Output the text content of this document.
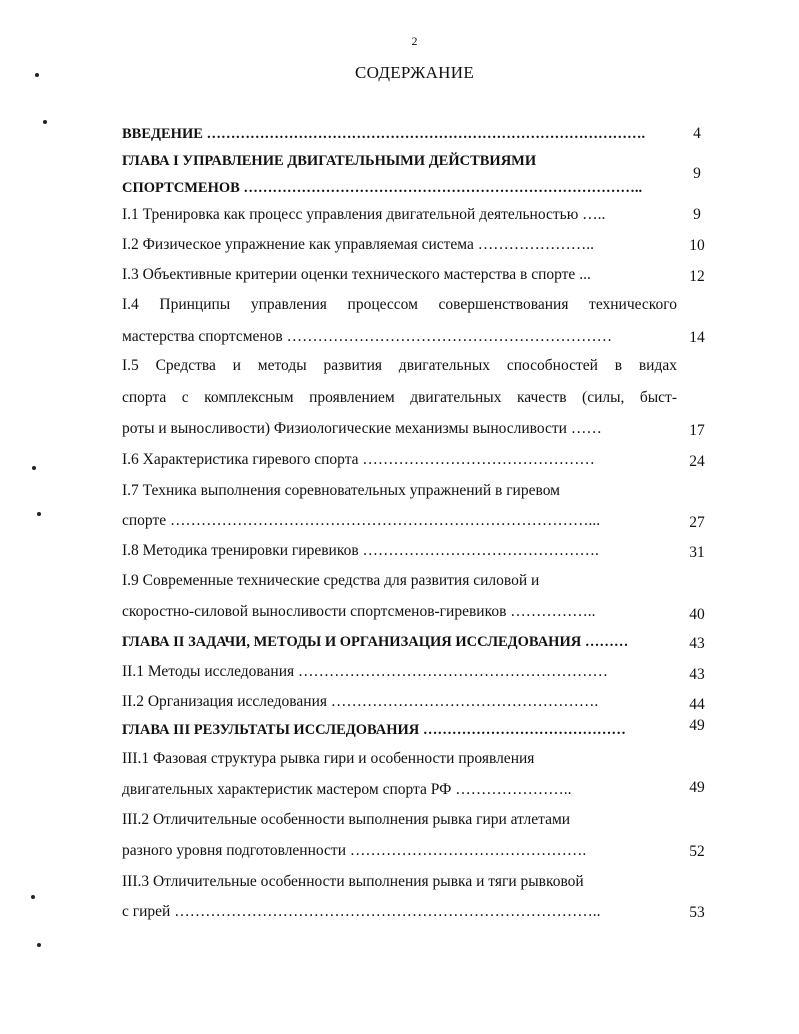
2
СОДЕРЖАНИЕ
ВВЕДЕНИЕ ……………………………………………………………………………….
ГЛАВА I УПРАВЛЕНИЕ ДВИГАТЕЛЬНЫМИ ДЕЙСТВИЯМИ
СПОРТСМЕНОВ ………………………………………………………………………..
I.1 Тренировка как процесс управления двигательной деятельностью …..
I.2 Физическое упражнение как управляемая система …………………..
I.3 Объективные критерии оценки технического мастерства в спорте ...
I.4 Принципы управления процессом совершенствования технического
мастерства спортсменов ………………………………………………………
I.5 Средства и методы развития двигательных способностей в видах
спорта с комплексным проявлением двигательных качеств (силы, быст-
роты и выносливости) Физиологические механизмы выносливости ……
I.6 Характеристика гиревого спорта ………………………………………
I.7 Техника выполнения соревновательных упражнений в гиревом
спорте ………………………………………………………………………...
I.8 Методика тренировки гиревиков ……………………………………….
I.9 Современные технические средства для развития силовой и
скоростно-силовой выносливости спортсменов-гиревиков ……………..
ГЛАВА II ЗАДАЧИ, МЕТОДЫ И ОРГАНИЗАЦИЯ ИССЛЕДОВАНИЯ ………
II.1 Методы исследования ……………………………………………………
II.2 Организация исследования …………………………………………….
ГЛАВА III РЕЗУЛЬТАТЫ ИССЛЕДОВАНИЯ ……………………………………
III.1 Фазовая структура рывка гири и особенности проявления
двигательных характеристик мастером спорта РФ …………………..
III.2 Отличительные особенности выполнения рывка гири атлетами
разного уровня подготовленности ……………………………………….
III.3 Отличительные особенности выполнения рывка и тяги рывковой
с гирей ………………………………………………………………………..
4
9
9
10
12
14
17
24
27
31
40
43
43
44
49
49
52
53
